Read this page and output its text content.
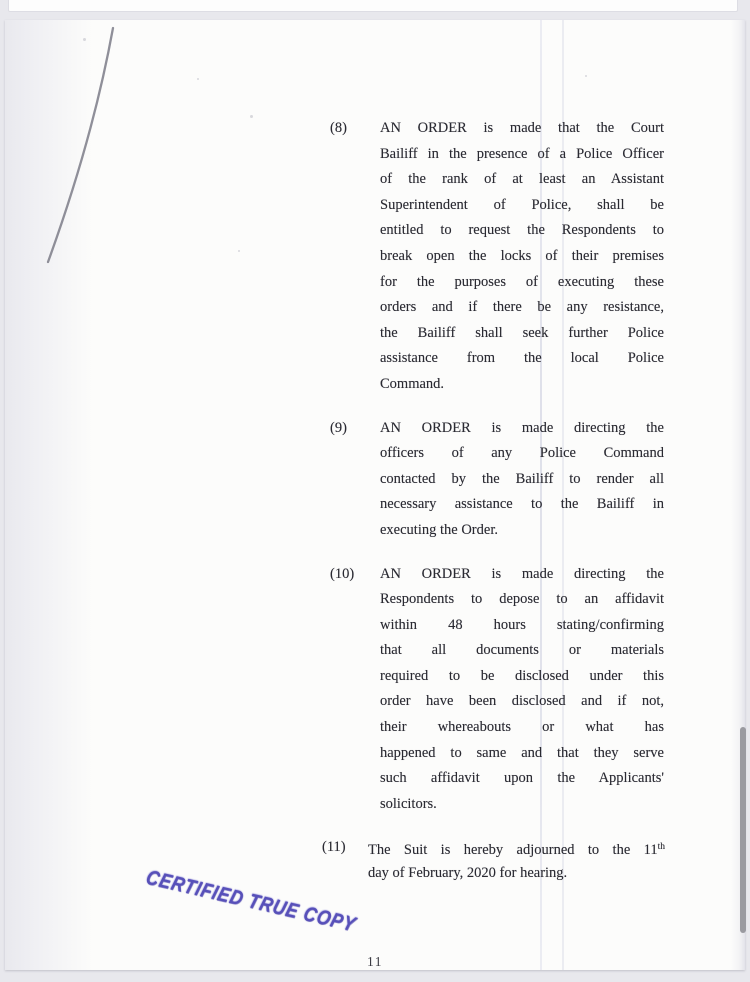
(8)	AN ORDER is made that the Court
Bailiff in the presence of a Police Officer
of the rank of at least an Assistant
Superintendent of Police, shall be
entitled to request the Respondents to
break open the locks of their premises
for the purposes of executing these
orders and if there be any resistance,
the Bailiff shall seek further Police
assistance from the local Police
Command.
(9)	AN ORDER is made directing the
officers of any Police Command
contacted by the Bailiff to render all
necessary assistance to the Bailiff in
executing the Order.
(10)	AN ORDER is made directing the
Respondents to depose to an affidavit
within 48 hours stating/confirming
that all documents or materials
required to be disclosed under this
order have been disclosed and if not,
their whereabouts or what has
happened to same and that they serve
such affidavit upon the Applicants'
solicitors.
(11)	The Suit is hereby adjourned to the 11th
day of February, 2020 for hearing.
CERTIFIED TRUE COPY
11
